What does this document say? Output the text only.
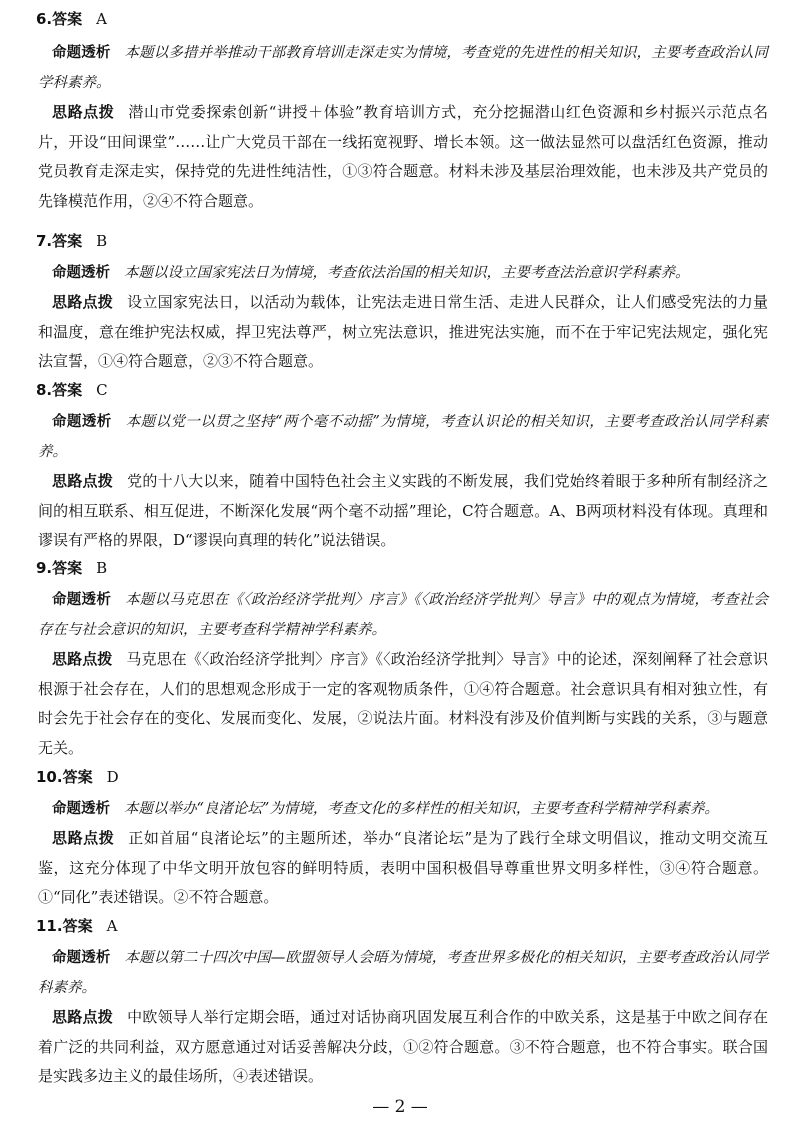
6.答案 A
命题透析 本题以多措并举推动干部教育培训走深走实为情境，考查党的先进性的相关知识，主要考查政治认同学科素养。
思路点拨 潜山市党委探索创新“讲授＋体验”教育培训方式，充分挖掘潜山红色资源和乡村振兴示范点名片，开设“田间课堂”……让广大党员干部在一线拓宽视野、增长本领。这一做法显然可以盘活红色资源，推动党员教育走深走实，保持党的先进性纯洁性，①③符合题意。材料未涉及基层治理效能，也未涉及共产党员的先锋模范作用，②④不符合题意。
7.答案 B
命题透析 本题以设立国家宪法日为情境，考查依法治国的相关知识，主要考查法治意识学科素养。
思路点拨 设立国家宪法日，以活动为载体，让宪法走进日常生活、走进人民群众，让人们感受宪法的力量和温度，意在维护宪法权威，捍卫宪法尊严，树立宪法意识，推进宪法实施，而不在于牢记宪法规定，强化宪法宣誓，①④符合题意，②③不符合题意。
8.答案 C
命题透析 本题以党一以贯之坚持“两个毫不动摇”为情境，考查认识论的相关知识，主要考查政治认同学科素养。
思路点拨 党的十八大以来，随着中国特色社会主义实践的不断发展，我们党始终着眼于多种所有制经济之间的相互联系、相互促进，不断深化发展“两个毫不动摇”理论，C符合题意。A、B两项材料没有体现。真理和谬误有严格的界限，D“谬误向真理的转化”说法错误。
9.答案 B
命题透析 本题以马克思在《〈政治经济学批判〉序言》《〈政治经济学批判〉导言》中的观点为情境，考查社会存在与社会意识的知识，主要考查科学精神学科素养。
思路点拨 马克思在《〈政治经济学批判〉序言》《〈政治经济学批判〉导言》中的论述，深刻阐释了社会意识根源于社会存在，人们的思想观念形成于一定的客观物质条件，①④符合题意。社会意识具有相对独立性，有时会先于社会存在的变化、发展而变化、发展，②说法片面。材料没有涉及价值判断与实践的关系，③与题意无关。
10.答案 D
命题透析 本题以举办“良渚论坛”为情境，考查文化的多样性的相关知识，主要考查科学精神学科素养。
思路点拨 正如首届“良渚论坛”的主题所述，举办“良渚论坛”是为了践行全球文明倡议，推动文明交流互鉴，这充分体现了中华文明开放包容的鲜明特质，表明中国积极倡导尊重世界文明多样性，③④符合题意。①“同化”表述错误。②不符合题意。
11.答案 A
命题透析 本题以第二十四次中国—欧盟领导人会晤为情境，考查世界多极化的相关知识，主要考查政治认同学科素养。
思路点拨 中欧领导人举行定期会晤，通过对话协商巩固发展互利合作的中欧关系，这是基于中欧之间存在着广泛的共同利益，双方愿意通过对话妥善解决分歧，①②符合题意。③不符合题意，也不符合事实。联合国是实践多边主义的最佳场所，④表述错误。
— 2 —
